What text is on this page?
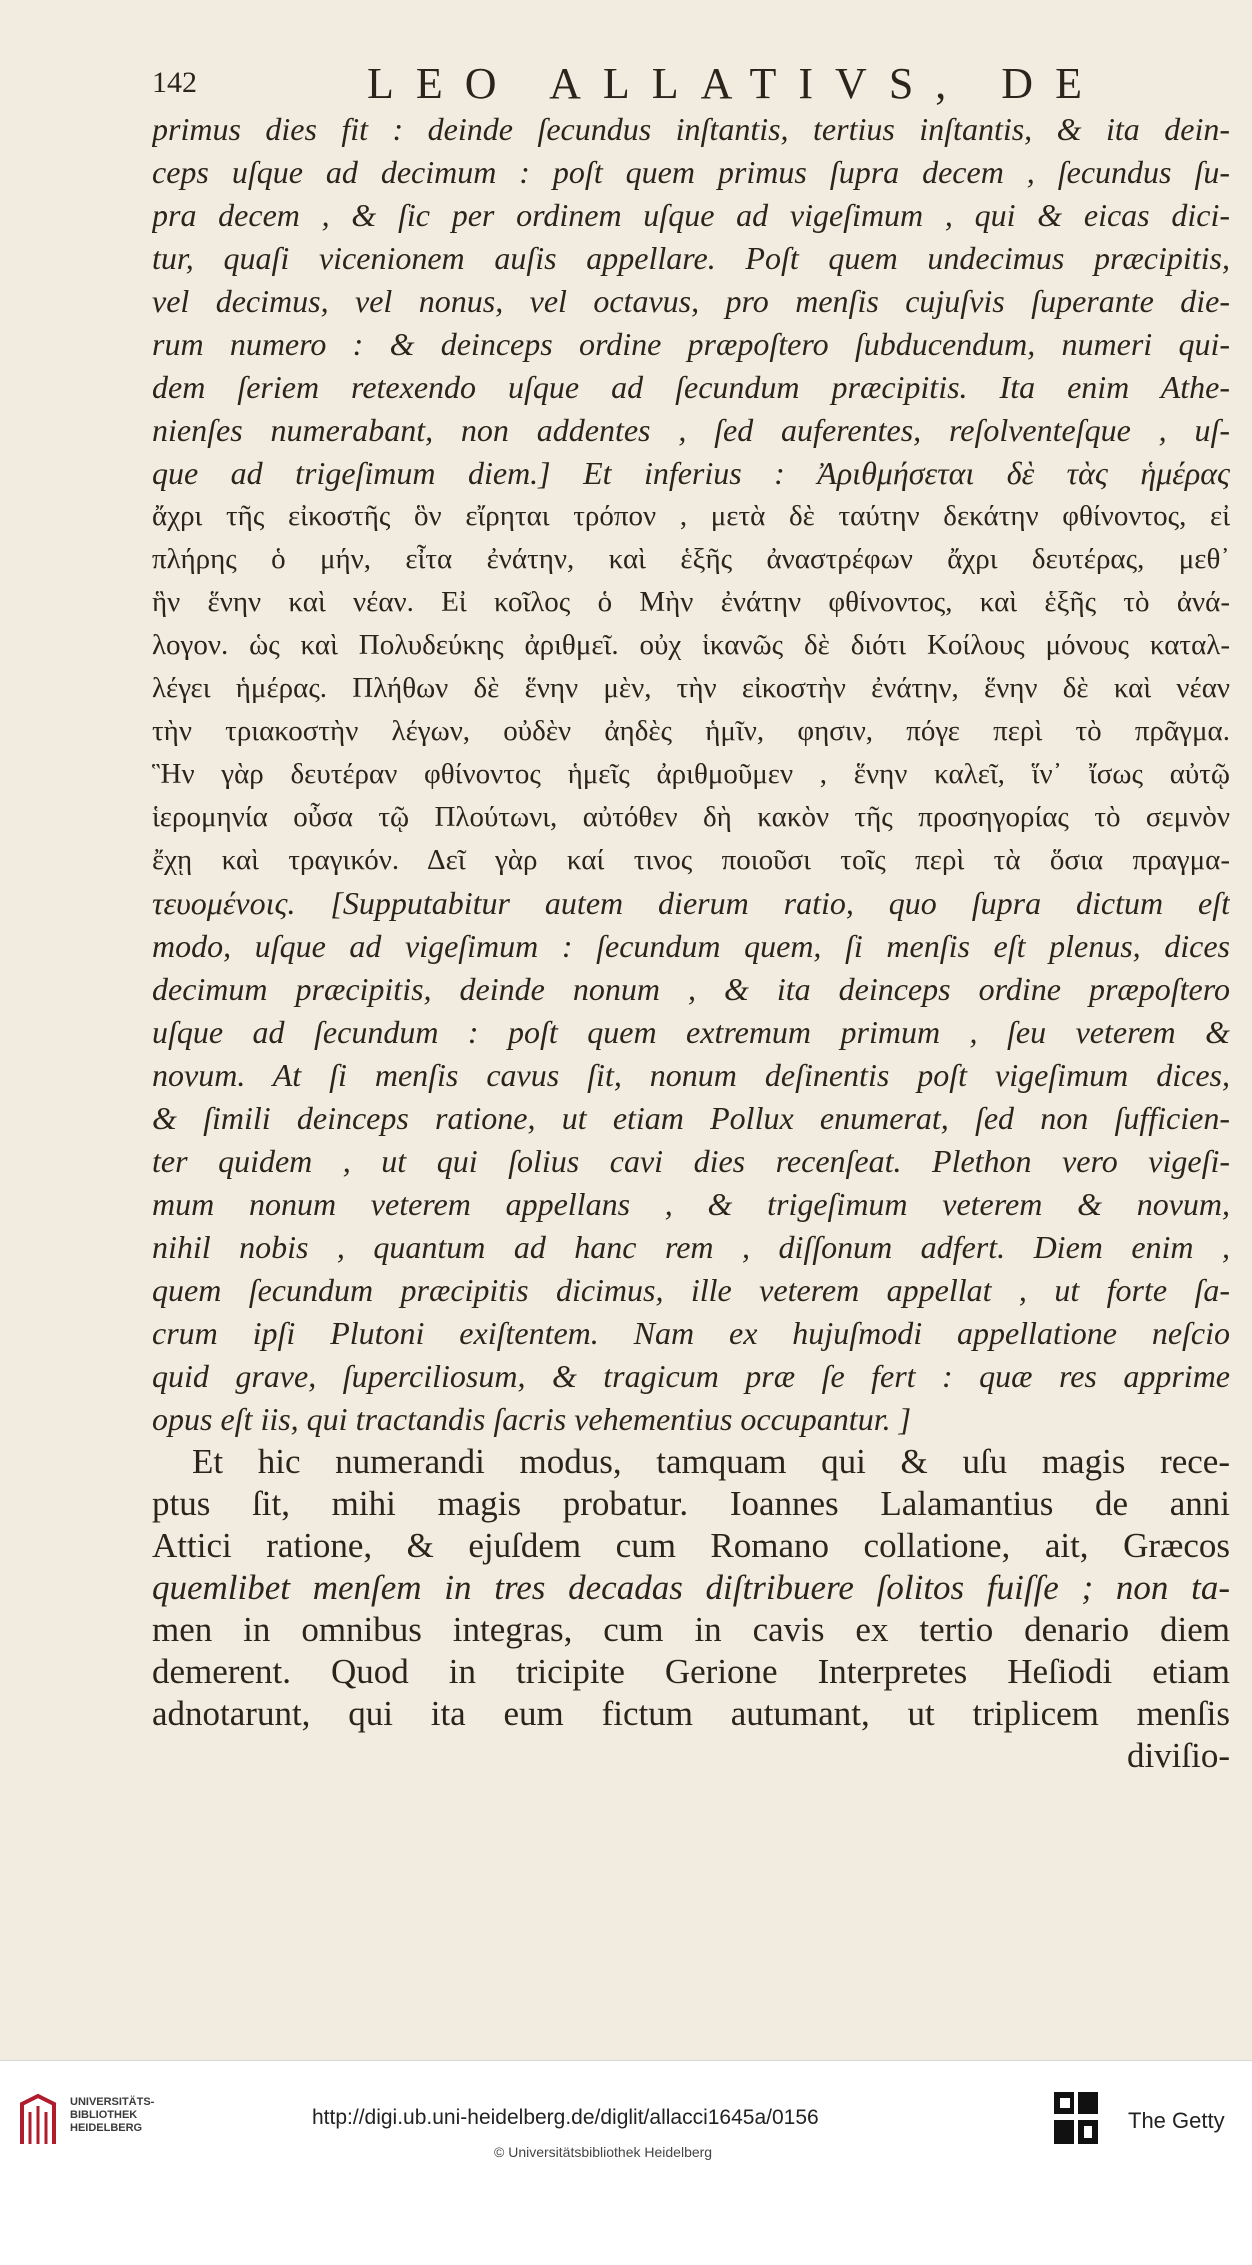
142	LEO ALLATIVS, DE
primus dies fit : deinde ſecundus inſtantis, tertius inſtantis, & ita dein-
ceps uſque ad decimum : poſt quem primus ſupra decem , ſecundus ſu-
pra decem , & ſic per ordinem uſque ad vigeſimum , qui & eicas dici-
tur, quaſi vicenionem auſis appellare. Poſt quem undecimus præcipitis,
vel decimus, vel nonus, vel octavus, pro menſis cujuſvis ſuperante die-
rum numero : & deinceps ordine præpoſtero ſubducendum, numeri qui-
dem ſeriem retexendo uſque ad ſecundum præcipitis. Ita enim Athe-
nienſes numerabant, non addentes , ſed auferentes, reſolventeſque , uſ-
que ad trigeſimum diem.] Et inferius : Ἀριθμήσεται δὲ τὰς ἡμέρας
ἄχρι τῆς εἰκοστῆς ὃν εἴρηται τρόπον , μετὰ δὲ ταύτην δεκάτην φθίνοντος, εἰ
πλήρης ὁ μήν, εἶτα ἐνάτην, καὶ ἑξῆς ἀναστρέφων ἄχρι δευτέρας, μεθ᾽
ἣν ἕνην καὶ νέαν. Εἰ κοῖλος ὁ Μὴν ἐνάτην φθίνοντος, καὶ ἑξῆς τὸ ἀνά-
λογον. ὡς καὶ Πολυδεύκης ἀριθμεῖ. οὐχ ἱκανῶς δὲ διότι Κοίλους μόνους καταλ-
λέγει ἡμέρας. Πλήθων δὲ ἕνην μὲν, τὴν εἰκοστὴν ἐνάτην, ἕνην δὲ καὶ νέαν
τὴν τριακοστὴν λέγων, οὐδὲν ἀηδὲς ἡμῖν, φησιν, πόγε περὶ τὸ πρᾶγμα.
Ἣν γὰρ δευτέραν φθίνοντος ἡμεῖς ἀριθμοῦμεν , ἕνην καλεῖ, ἵν᾽ ἴσως αὐτῷ
ἱερομηνία οὖσα τῷ Πλούτωνι, αὐτόθεν δὴ κακὸν τῆς προσηγορίας τὸ σεμνὸν
ἔχῃ καὶ τραγικόν. Δεῖ γὰρ καί τινος ποιοῦσι τοῖς περὶ τὰ ὅσια πραγμα-
τευομένοις. [Supputabitur autem dierum ratio, quo ſupra dictum eſt
modo, uſque ad vigeſimum : ſecundum quem, ſi menſis eſt plenus, dices
decimum præcipitis, deinde nonum , & ita deinceps ordine præpoſtero
uſque ad ſecundum : poſt quem extremum primum , ſeu veterem &
novum. At ſi menſis cavus ſit, nonum deſinentis poſt vigeſimum dices,
& ſimili deinceps ratione, ut etiam Pollux enumerat, ſed non ſufficien-
ter quidem , ut qui ſolius cavi dies recenſeat. Plethon vero vigeſi-
mum nonum veterem appellans , & trigeſimum veterem & novum,
nihil nobis , quantum ad hanc rem , diſſonum adfert. Diem enim ,
quem ſecundum præcipitis dicimus, ille veterem appellat , ut forte ſa-
crum ipſi Plutoni exiſtentem. Nam ex hujuſmodi appellatione neſcio
quid grave, ſuperciliosum, & tragicum præ ſe fert : quæ res apprime
opus eſt iis, qui tractandis ſacris vehementius occupantur. ]
Et hic numerandi modus, tamquam qui & uſu magis rece-
ptus ſit, mihi magis probatur. Ioannes Lalamantius de anni
Attici ratione, & ejuſdem cum Romano collatione, ait, Græcos
quemlibet menſem in tres decadas diſtribuere ſolitos fuiſſe ; non ta-
men in omnibus integras, cum in cavis ex tertio denario diem
demerent. Quod in tricipite Gerione Interpretes Heſiodi etiam
adnotarunt, qui ita eum fictum autumant, ut triplicem menſis
diviſio-
UNIVERSITÄTS-
BIBLIOTHEK
HEIDELBERG	http://digi.ub.uni-heidelberg.de/diglit/allacci1645a/0156
© Universitätsbibliothek Heidelberg
The Getty
